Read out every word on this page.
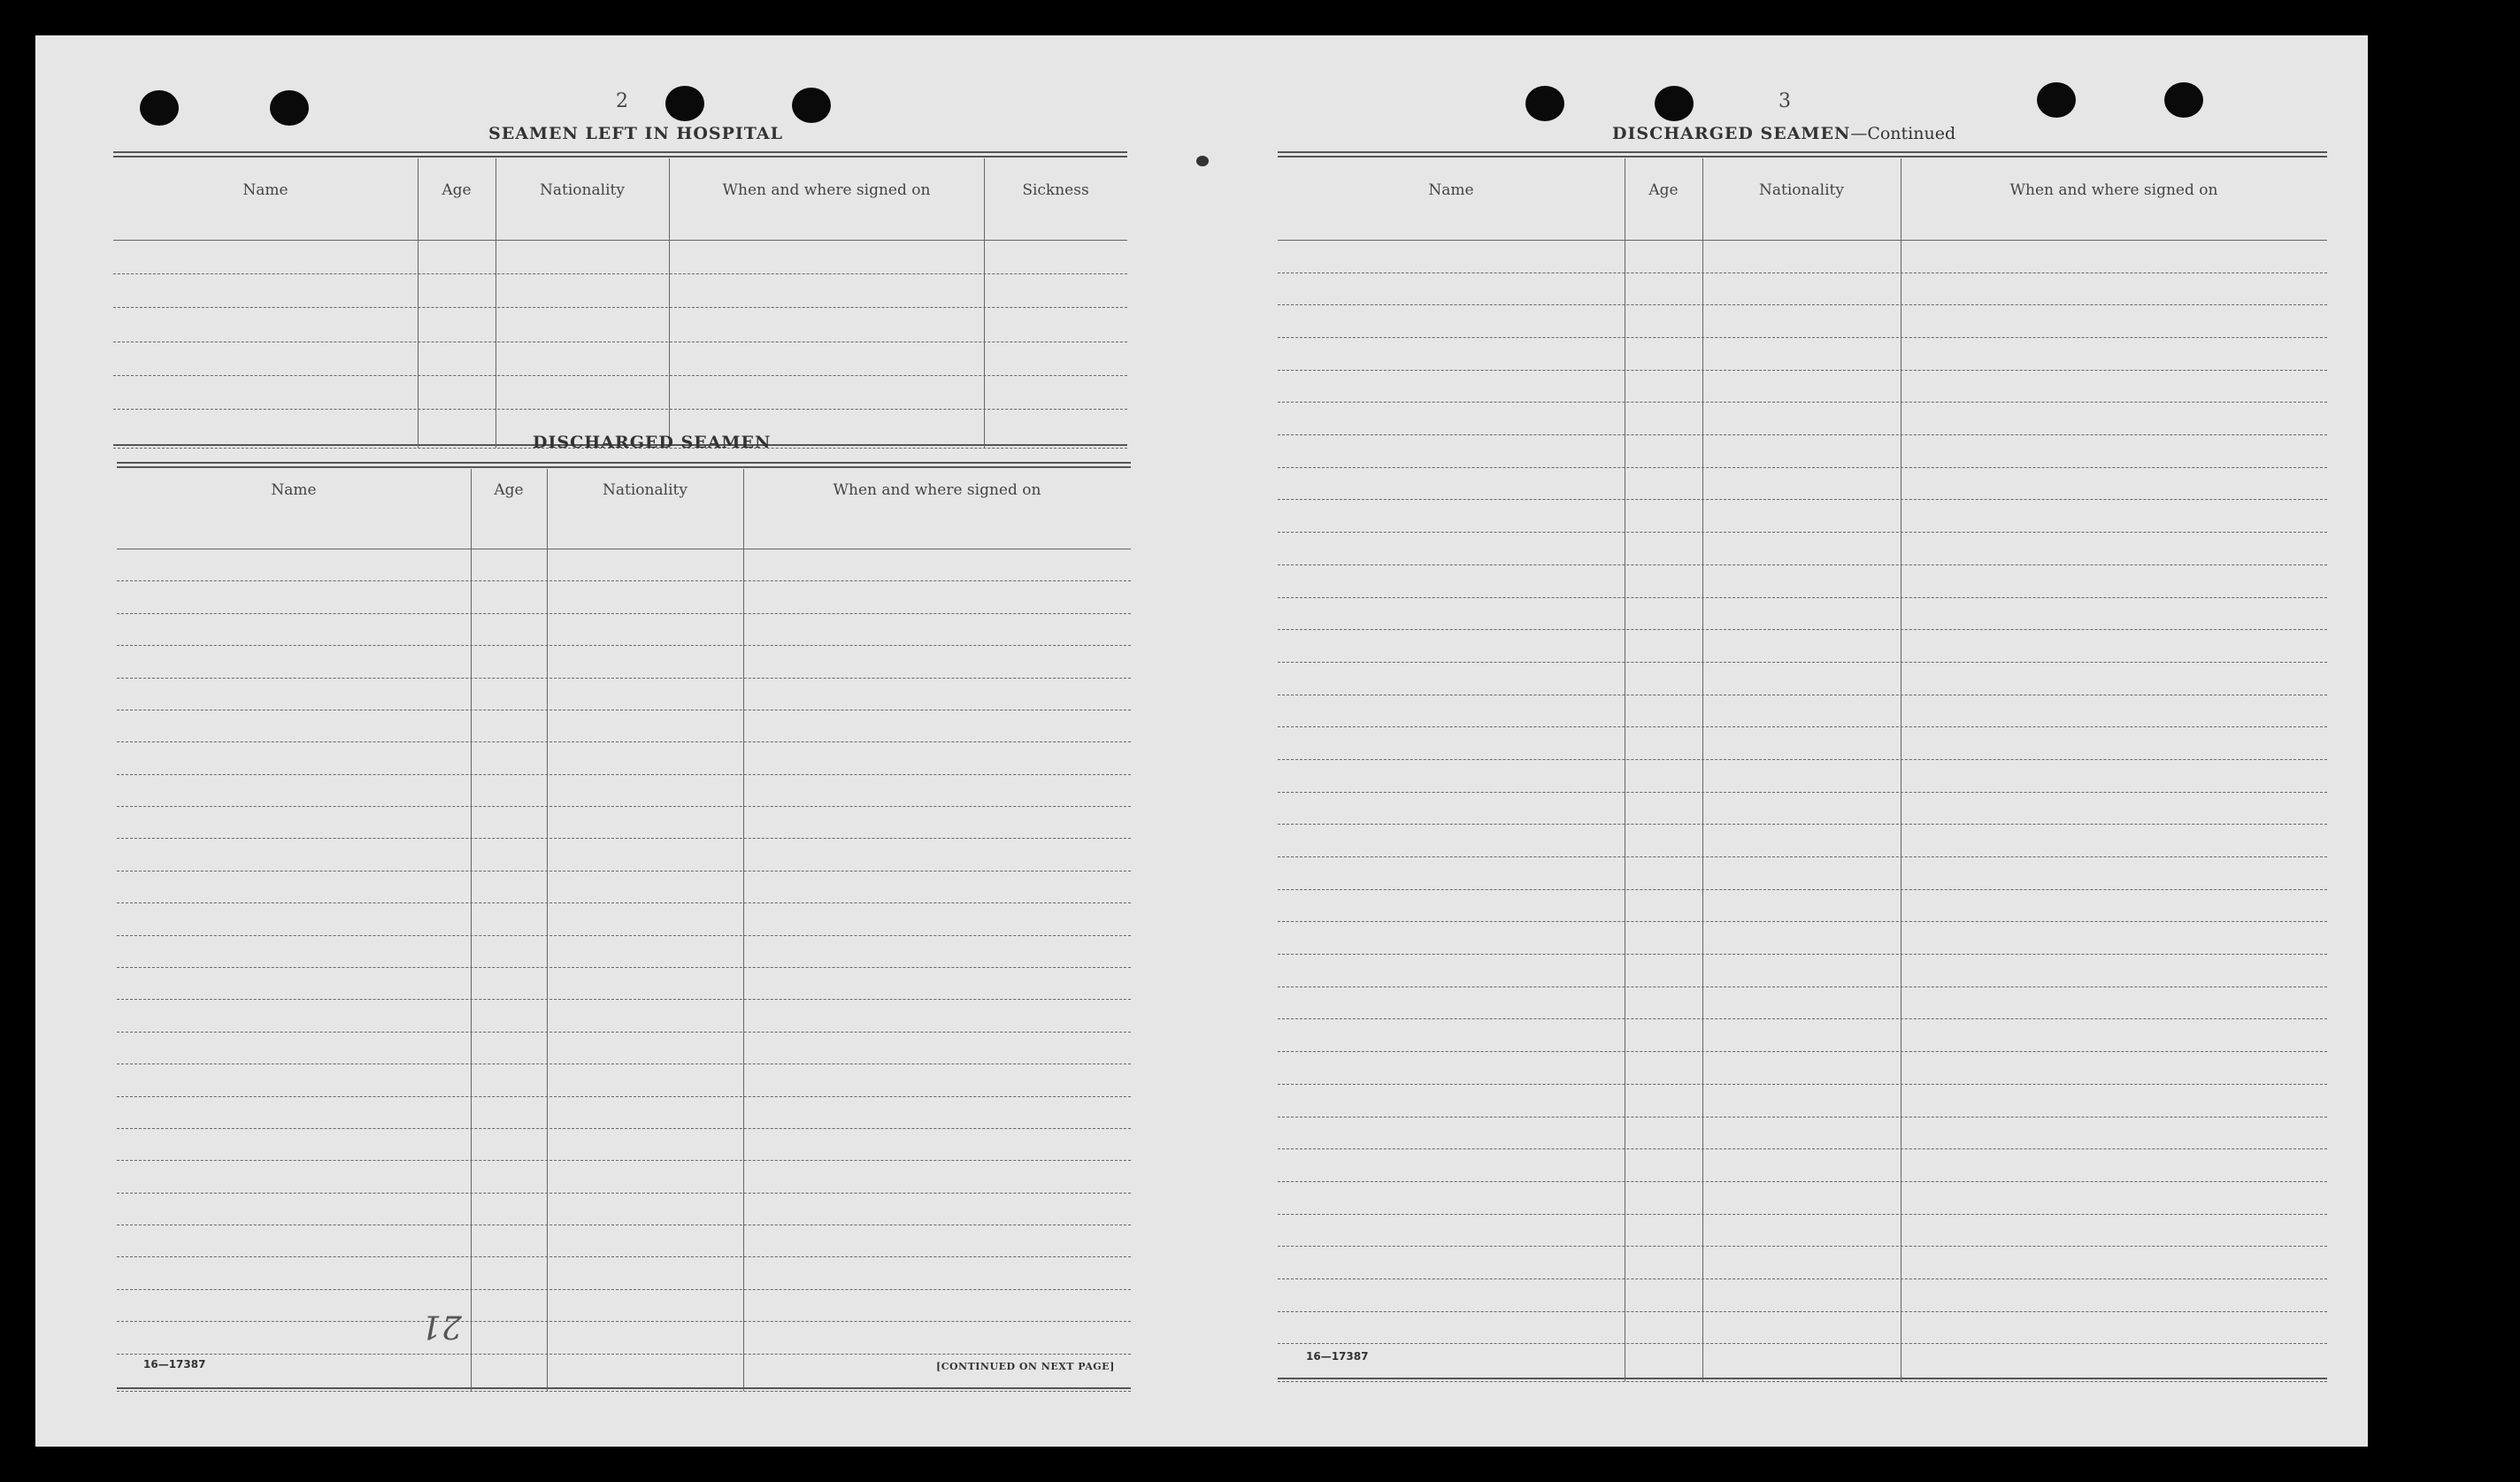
2
SEAMEN LEFT IN HOSPITAL
Name	Age	Nationality	When and where signed on	Sickness
DISCHARGED SEAMEN
Name	Age	Nationality	When and where signed on
16—17387	[CONTINUED ON NEXT PAGE]
21
3
DISCHARGED SEAMEN—Continued
Name	Age	Nationality	When and where signed on
16—17387
